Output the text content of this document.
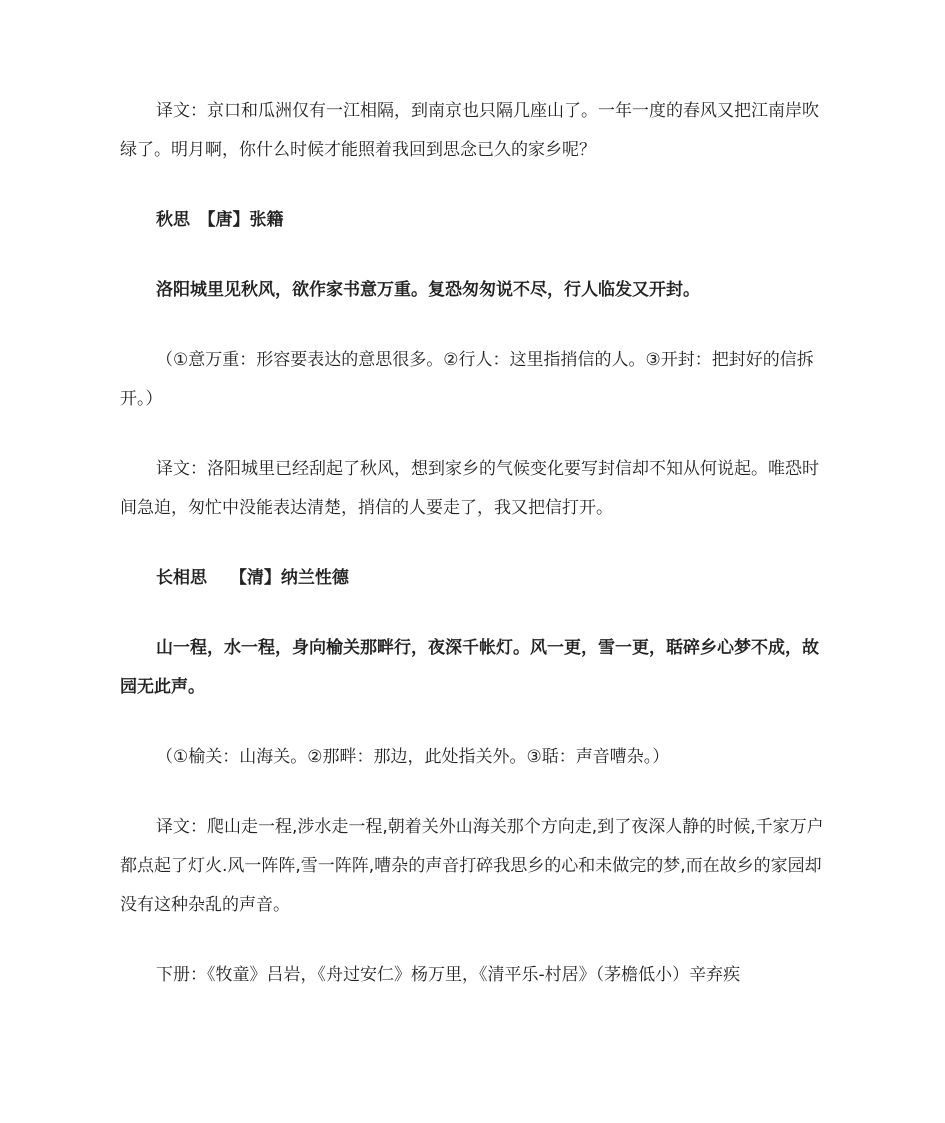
译文：京口和瓜洲仅有一江相隔，到南京也只隔几座山了。一年一度的春风又把江南岸吹绿了。明月啊，你什么时候才能照着我回到思念已久的家乡呢？

秋思　【唐】张籍

洛阳城里见秋风，欲作家书意万重。复恐匆匆说不尽，行人临发又开封。

（①意万重：形容要表达的意思很多。②行人：这里指捎信的人。③开封：把封好的信拆开。）

译文：洛阳城里已经刮起了秋风，想到家乡的气候变化要写封信却不知从何说起。唯恐时间急迫，匆忙中没能表达清楚，捎信的人要走了，我又把信打开。

长相思　 【清】纳兰性德

山一程，水一程，身向榆关那畔行，夜深千帐灯。风一更，雪一更，聒碎乡心梦不成，故园无此声。

（①榆关：山海关。②那畔：那边，此处指关外。③聒：声音嘈杂。）

译文：爬山走一程,涉水走一程,朝着关外山海关那个方向走,到了夜深人静的时候,千家万户都点起了灯火.风一阵阵,雪一阵阵,嘈杂的声音打碎我思乡的心和未做完的梦,而在故乡的家园却没有这种杂乱的声音。

下册：《牧童》吕岩，《舟过安仁》杨万里，《清平乐-村居》（茅檐低小）辛弃疾
